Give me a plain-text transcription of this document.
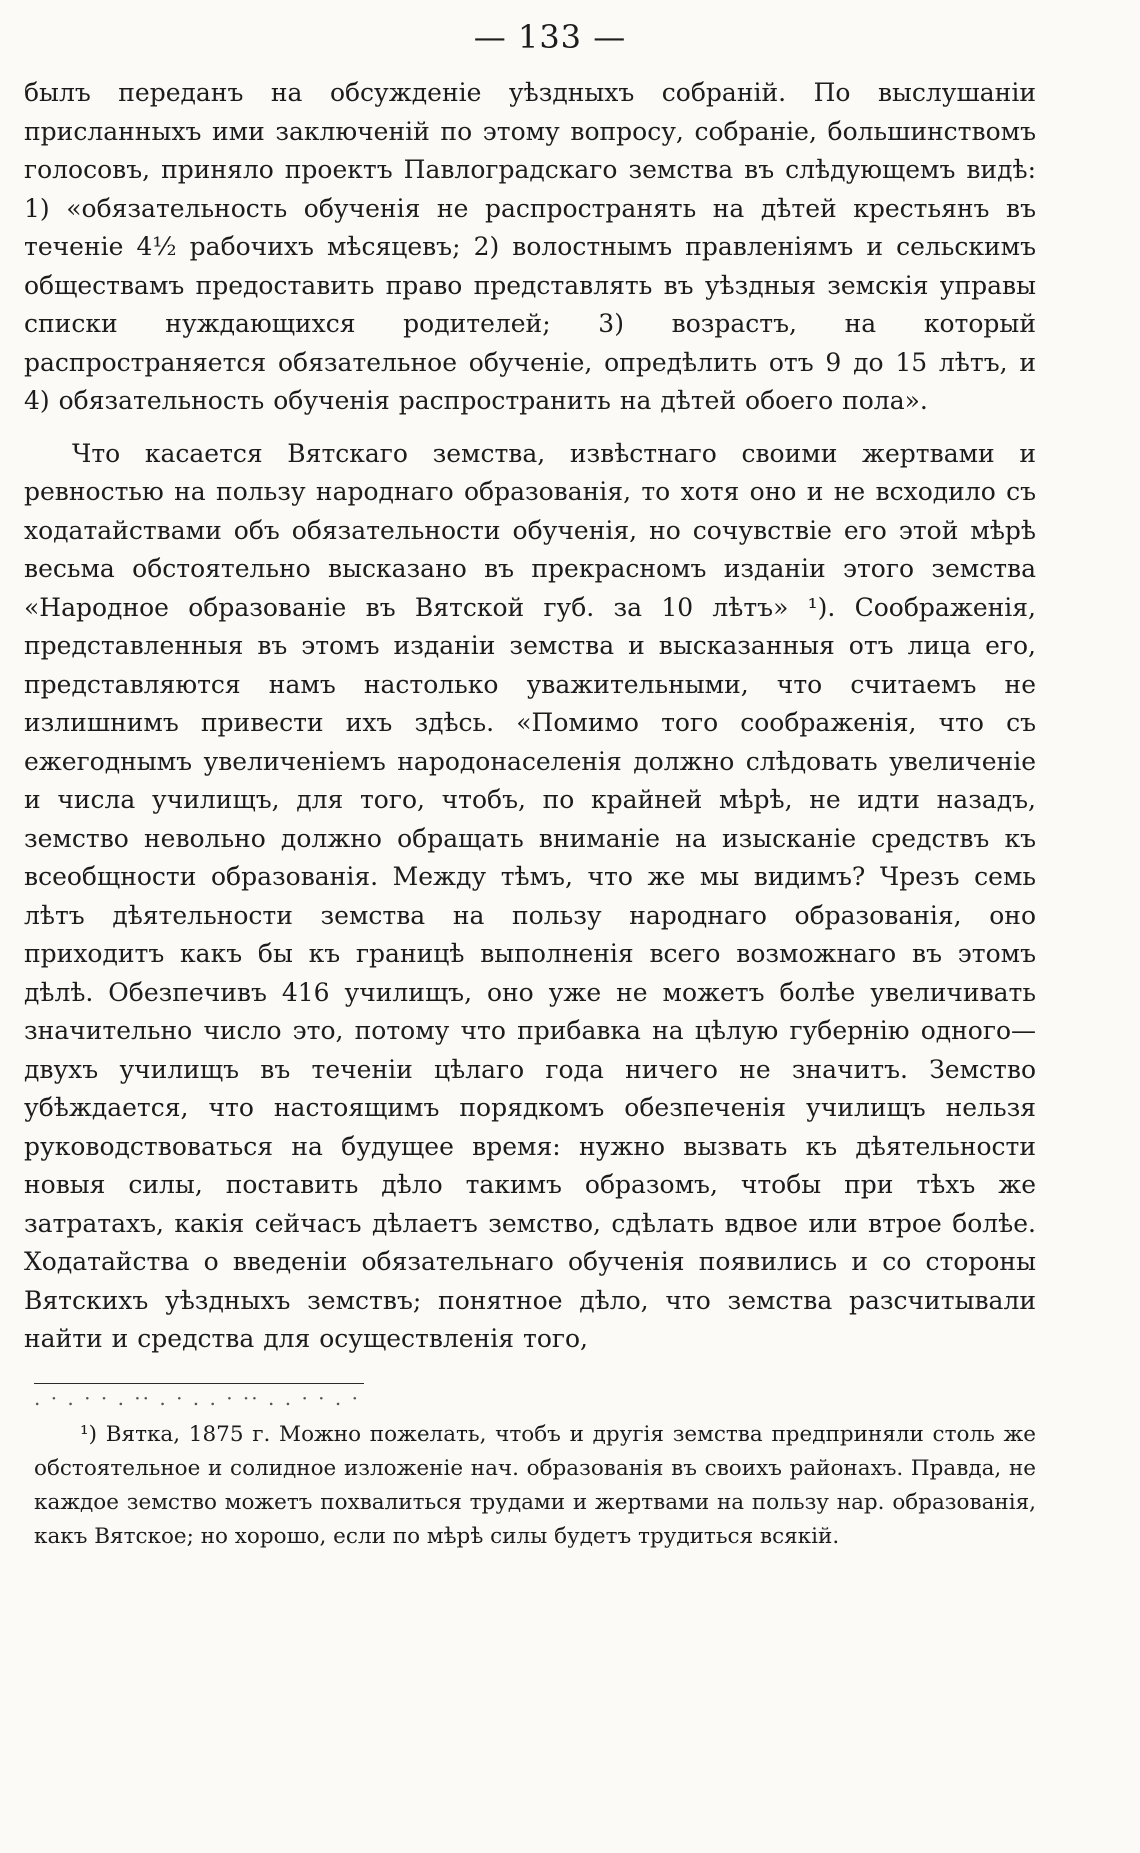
— 133 —

былъ переданъ на обсужденіе уѣздныхъ собраній. По выслушаніи присланныхъ ими заключеній по этому вопросу, собраніе, большинствомъ голосовъ, приняло проектъ Павлоградскаго земства въ слѣдующемъ видѣ: 1) «обязательность обученія не распространять на дѣтей крестьянъ въ теченіе 4½ рабочихъ мѣсяцевъ; 2) волостнымъ правленіямъ и сельскимъ обществамъ предоставить право представлять въ уѣздныя земскія управы списки нуждающихся родителей; 3) возрастъ, на который распространяется обязательное обученіе, опредѣлить отъ 9 до 15 лѣтъ, и 4) обязательность обученія распространить на дѣтей обоего пола».

Что касается Вятскаго земства, извѣстнаго своими жертвами и ревностью на пользу народнаго образованія, то хотя оно и не всходило съ ходатайствами объ обязательности обученія, но сочувствіе его этой мѣрѣ весьма обстоятельно высказано въ прекрасномъ изданіи этого земства «Народное образованіе въ Вятской губ. за 10 лѣтъ» ¹). Соображенія, представленныя въ этомъ изданіи земства и высказанныя отъ лица его, представляются намъ настолько уважительными, что считаемъ не излишнимъ привести ихъ здѣсь. «Помимо того соображенія, что съ ежегоднымъ увеличеніемъ народонаселенія должно слѣдовать увеличеніе и числа училищъ, для того, чтобъ, по крайней мѣрѣ, не идти назадъ, земство невольно должно обращать вниманіе на изысканіе средствъ къ всеобщности образованія. Между тѣмъ, что же мы видимъ? Чрезъ семь лѣтъ дѣятельности земства на пользу народнаго образованія, оно приходитъ какъ бы къ границѣ выполненія всего возможнаго въ этомъ дѣлѣ. Обезпечивъ 416 училищъ, оно уже не можетъ болѣе увеличивать значительно число это, потому что прибавка на цѣлую губернію одного—двухъ училищъ въ теченіи цѣлаго года ничего не значитъ. Земство убѣждается, что настоящимъ порядкомъ обезпеченія училищъ нельзя руководствоваться на будущее время: нужно вызвать къ дѣятельности новыя силы, поставить дѣло такимъ образомъ, чтобы при тѣхъ же затратахъ, какія сейчасъ дѣлаетъ земство, сдѣлать вдвое или втрое болѣе. Ходатайства о введеніи обязательнаго обученія появились и со стороны Вятскихъ уѣздныхъ земствъ; понятное дѣло, что земства разсчитывали найти и средства для осуществленія того,

. · . · · . ·· . · . . · ·· . . · · . ·

¹) Вятка, 1875 г. Можно пожелать, чтобъ и другія земства предприняли столь же обстоятельное и солидное изложеніе нач. образованія въ своихъ районахъ. Правда, не каждое земство можетъ похвалиться трудами и жертвами на пользу нар. образованія, какъ Вятское; но хорошо, если по мѣрѣ силы будетъ трудиться всякій.
